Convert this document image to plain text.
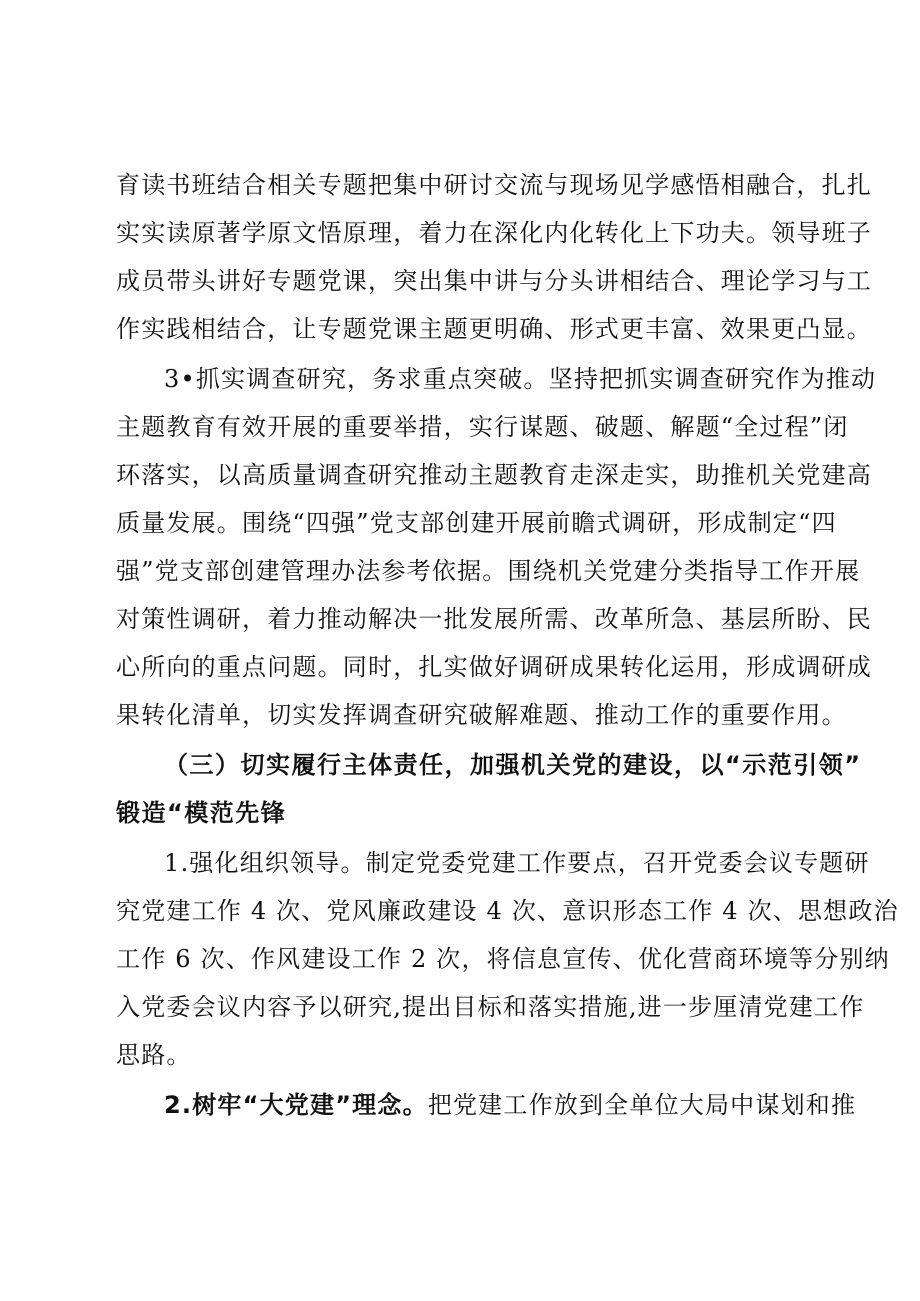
育读书班结合相关专题把集中研讨交流与现场见学感悟相融合，扎扎
实实读原著学原文悟原理，着力在深化内化转化上下功夫。领导班子
成员带头讲好专题党课，突出集中讲与分头讲相结合、理论学习与工
作实践相结合，让专题党课主题更明确、形式更丰富、效果更凸显。
3•抓实调查研究，务求重点突破。坚持把抓实调查研究作为推动
主题教育有效开展的重要举措，实行谋题、破题、解题“全过程”闭
环落实，以高质量调查研究推动主题教育走深走实，助推机关党建高
质量发展。围绕“四强”党支部创建开展前瞻式调研，形成制定“四
强”党支部创建管理办法参考依据。围绕机关党建分类指导工作开展
对策性调研，着力推动解决一批发展所需、改革所急、基层所盼、民
心所向的重点问题。同时，扎实做好调研成果转化运用，形成调研成
果转化清单，切实发挥调查研究破解难题、推动工作的重要作用。
（三）切实履行主体责任，加强机关党的建设，以“示范引领”
锻造“模范先锋
1.强化组织领导。制定党委党建工作要点，召开党委会议专题研
究党建工作 4 次、党风廉政建设 4 次、意识形态工作 4 次、思想政治
工作 6 次、作风建设工作 2 次，将信息宣传、优化营商环境等分别纳
入党委会议内容予以研究,提出目标和落实措施,进一步厘清党建工作
思路。
2.树牢“大党建”理念。把党建工作放到全单位大局中谋划和推
